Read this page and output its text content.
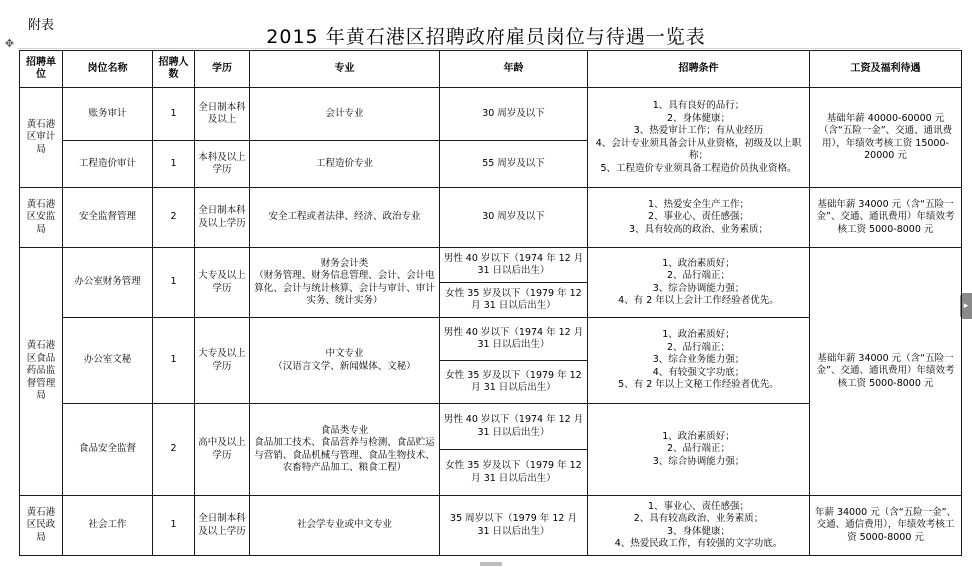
附表
✥	2015 年黄石港区招聘政府雇员岗位与待遇一览表
▸
招聘单位	岗位名称	招聘人数	学历	专业	年龄	招聘条件	工资及福利待遇
黄石港区审计局	账务审计	1	全日制本科及以上	会计专业	30 周岁及以下	1、具有良好的品行；
2、身体健康；
3、热爱审计工作；有从业经历
4、会计专业须具备会计从业资格，初级及以上职称；
5、工程造价专业须具备工程造价员执业资格。	基础年薪 40000-60000 元（含“五险一金”、交通、通讯费用），年绩效考核工资 15000-20000 元
	工程造价审计	1	本科及以上学历	工程造价专业	55 周岁及以下		
黄石港区安监局	安全监督管理	2	全日制本科及以上学历	安全工程或者法律、经济、政治专业	30 周岁及以下	1、热爱安全生产工作；
2、事业心、责任感强；
3、具有较高的政治、业务素质；	基础年薪 34000 元（含“五险一金”、交通、通讯费用）年绩效考核工资 5000-8000 元
黄石港区食品药品监督管理局	办公室财务管理	1	大专及以上学历	财务会计类
（财务管理、财务信息管理、会计、会计电算化、会计与统计核算、会计与审计、审计实务、统计实务）	男性 40 岁以下（1974 年 12 月 31 日以后出生）	1、政治素质好；
2、品行端正；
3、综合协调能力强；
4、有 2 年以上会计工作经验者优先。	基础年薪 34000 元（含“五险一金”、交通、通讯费用）年绩效考核工资 5000-8000 元
					女性 35 岁及以下（1979 年 12 月 31 日以后出生）		
	办公室文秘	1	大专及以上学历	中文专业
（汉语言文学、新闻媒体、文秘）	男性 40 岁以下（1974 年 12 月 31 日以后出生）	1、政治素质好；
2、品行端正；
3、综合业务能力强；
4、有较强文字功底；
5、有 2 年以上文秘工作经验者优先。	
					女性 35 岁及以下（1979 年 12 月 31 日以后出生）		
	食品安全监督	2	高中及以上学历	食品类专业
食品加工技术、食品营养与检测、食品贮运与营销、食品机械与管理、食品生物技术、农畜特产品加工、粮食工程）	男性 40 岁以下（1974 年 12 月 31 日以后出生）	1、政治素质好；
2、品行端正；
3、综合协调能力强；	
					女性 35 岁及以下（1979 年 12 月 31 日以后出生）		
黄石港区民政局	社会工作	1	全日制本科及以上学历	社会学专业或中文专业	35 周岁以下（1979 年 12 月 31 日以后出生）	1、事业心、责任感强；
2、具有较高政治、业务素质；
3、身体健康；
4、热爱民政工作，有较强的文字功底。	年薪 34000 元（含“五险一金”、交通、通信费用），年绩效考核工资 5000-8000 元
